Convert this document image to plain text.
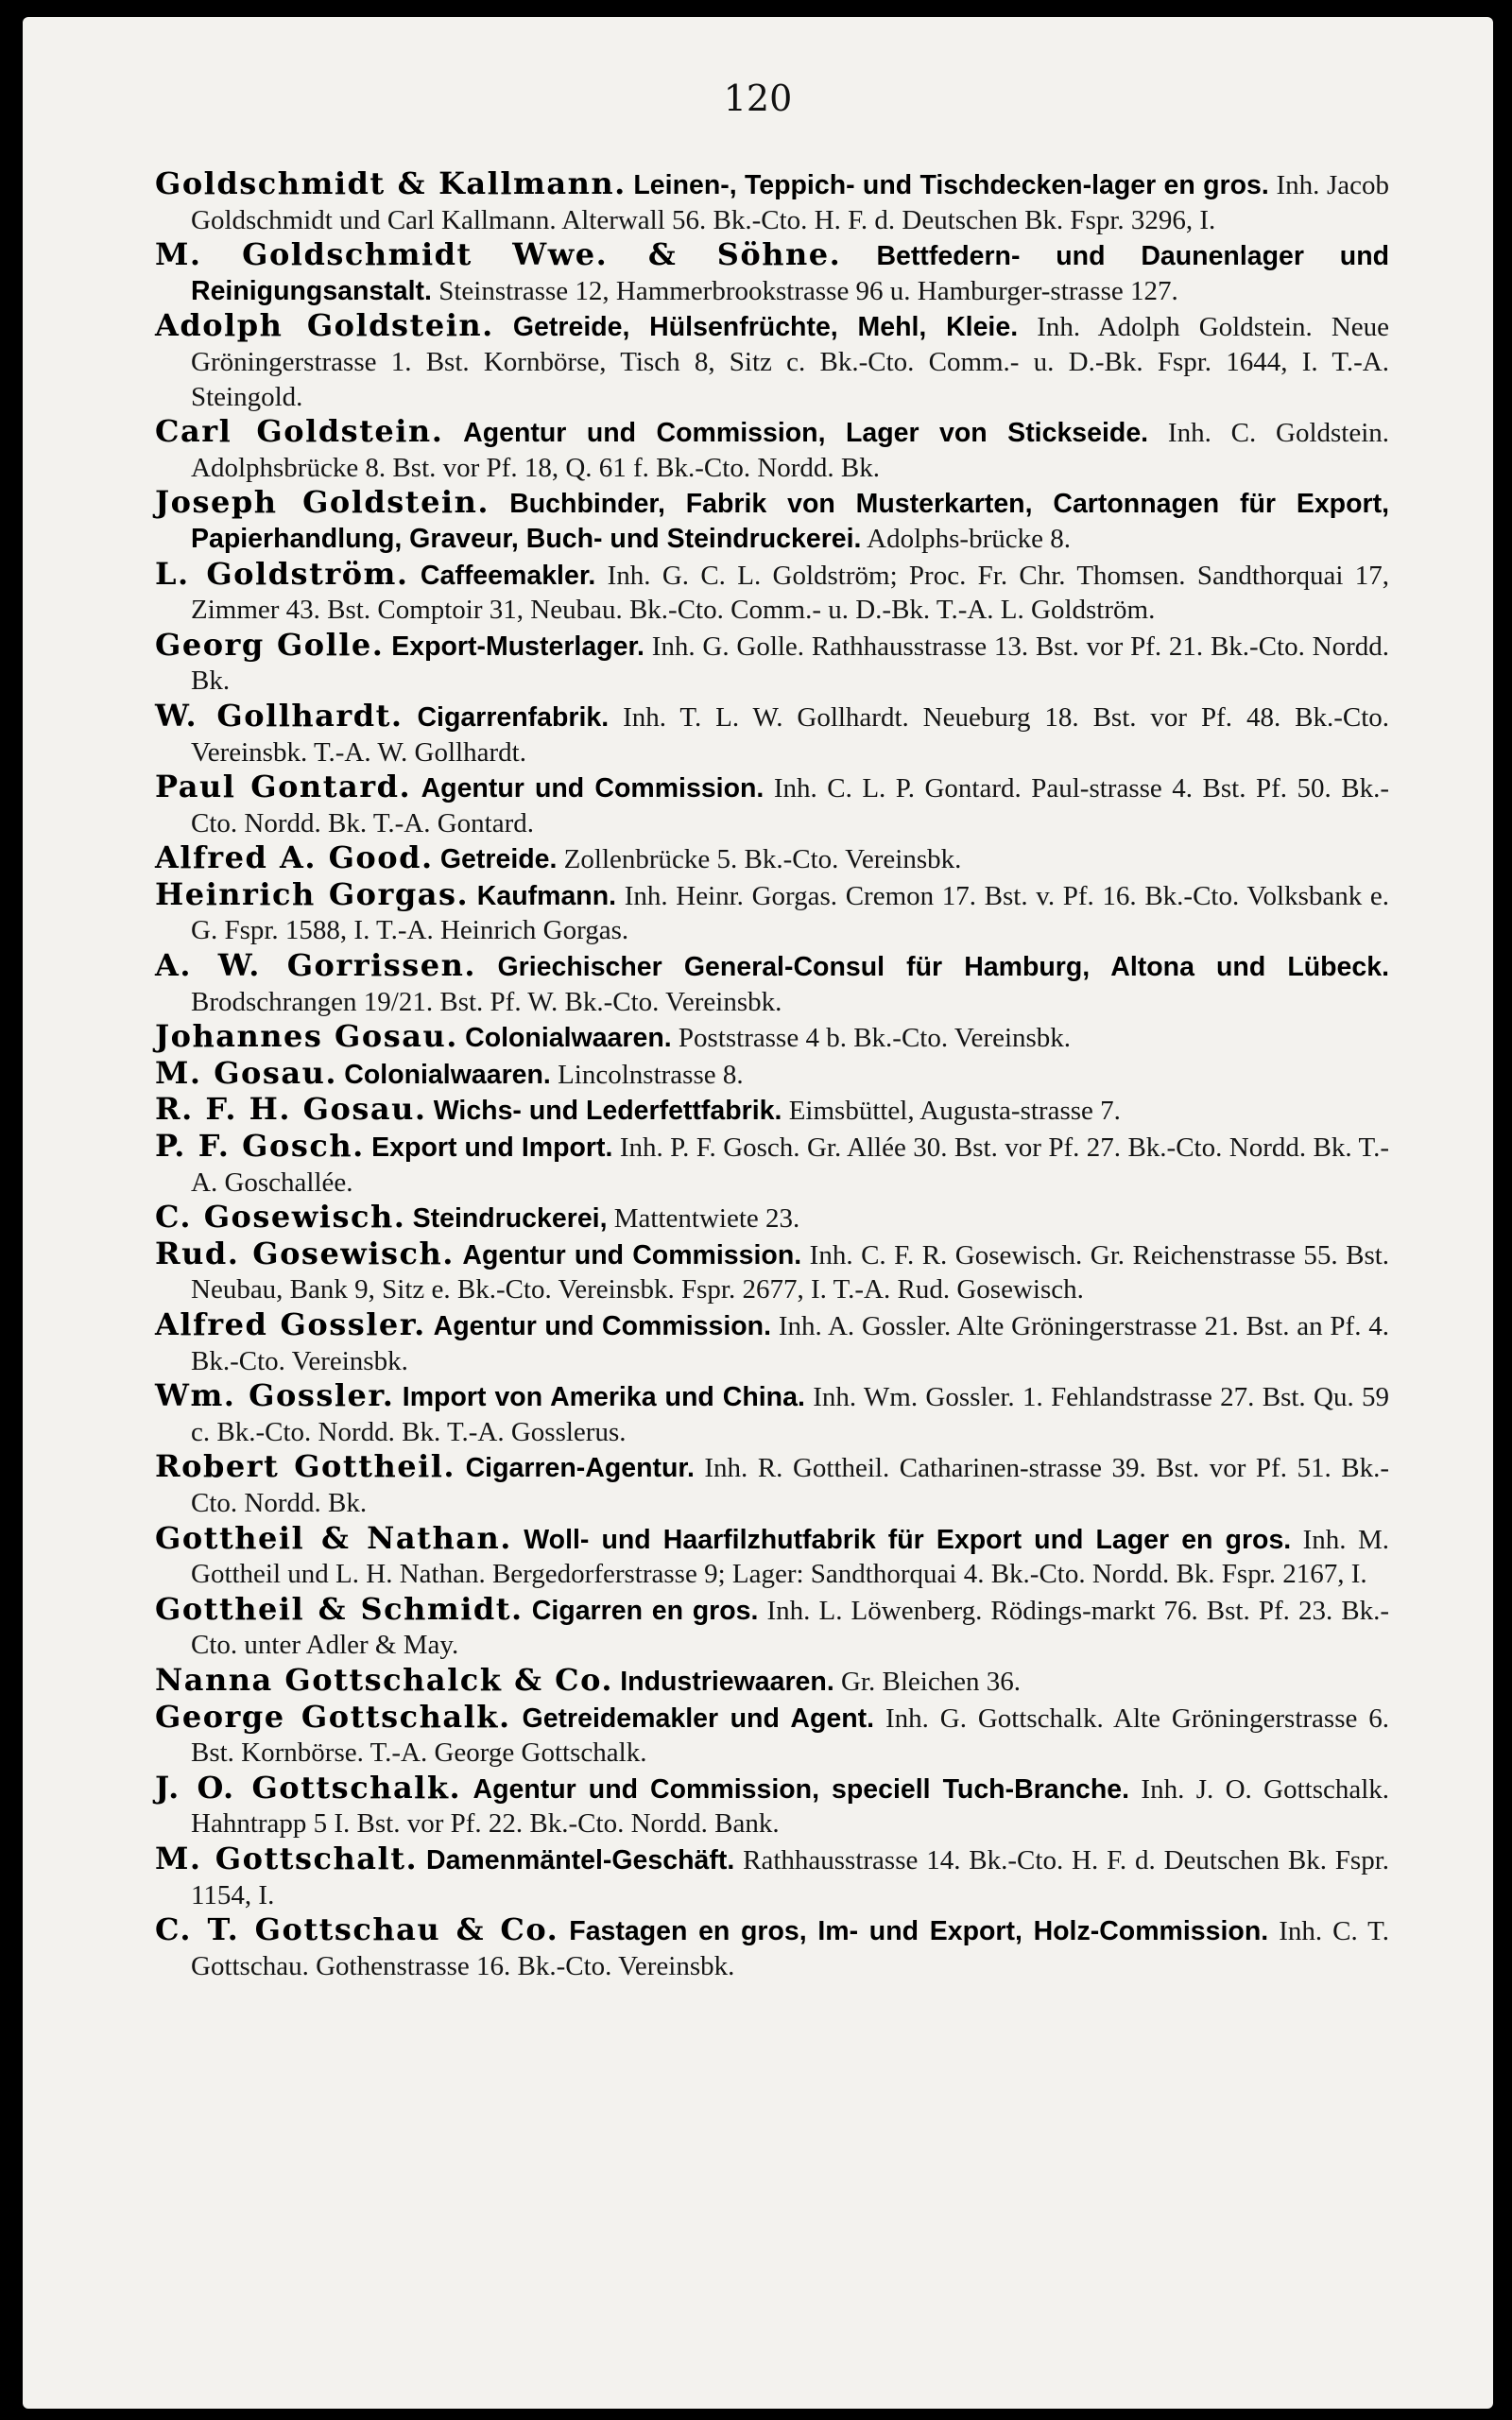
120

Goldschmidt & Kallmann. Leinen-, Teppich- und Tischdecken-lager en gros. Inh. Jacob Goldschmidt und Carl Kallmann. Alterwall 56. Bk.-Cto. H. F. d. Deutschen Bk. Fspr. 3296, I.

M. Goldschmidt Wwe. & Söhne. Bettfedern- und Daunenlager und Reinigungsanstalt. Steinstrasse 12, Hammerbrookstrasse 96 u. Hamburger-strasse 127.

Adolph Goldstein. Getreide, Hülsenfrüchte, Mehl, Kleie. Inh. Adolph Goldstein. Neue Gröningerstrasse 1. Bst. Kornbörse, Tisch 8, Sitz c. Bk.-Cto. Comm.- u. D.-Bk. Fspr. 1644, I. T.-A. Steingold.

Carl Goldstein. Agentur und Commission, Lager von Stickseide. Inh. C. Goldstein. Adolphsbrücke 8. Bst. vor Pf. 18, Q. 61 f. Bk.-Cto. Nordd. Bk.

Joseph Goldstein. Buchbinder, Fabrik von Musterkarten, Cartonnagen für Export, Papierhandlung, Graveur, Buch- und Steindruckerei. Adolphs-brücke 8.

L. Goldström. Caffeemakler. Inh. G. C. L. Goldström; Proc. Fr. Chr. Thomsen. Sandthorquai 17, Zimmer 43. Bst. Comptoir 31, Neubau. Bk.-Cto. Comm.- u. D.-Bk. T.-A. L. Goldström.

Georg Golle. Export-Musterlager. Inh. G. Golle. Rathhausstrasse 13. Bst. vor Pf. 21. Bk.-Cto. Nordd. Bk.

W. Gollhardt. Cigarrenfabrik. Inh. T. L. W. Gollhardt. Neueburg 18. Bst. vor Pf. 48. Bk.-Cto. Vereinsbk. T.-A. W. Gollhardt.

Paul Gontard. Agentur und Commission. Inh. C. L. P. Gontard. Paul-strasse 4. Bst. Pf. 50. Bk.-Cto. Nordd. Bk. T.-A. Gontard.

Alfred A. Good. Getreide. Zollenbrücke 5. Bk.-Cto. Vereinsbk.

Heinrich Gorgas. Kaufmann. Inh. Heinr. Gorgas. Cremon 17. Bst. v. Pf. 16. Bk.-Cto. Volksbank e. G. Fspr. 1588, I. T.-A. Heinrich Gorgas.

A. W. Gorrissen. Griechischer General-Consul für Hamburg, Altona und Lübeck. Brodschrangen 19/21. Bst. Pf. W. Bk.-Cto. Vereinsbk.

Johannes Gosau. Colonialwaaren. Poststrasse 4 b. Bk.-Cto. Vereinsbk.

M. Gosau. Colonialwaaren. Lincolnstrasse 8.

R. F. H. Gosau. Wichs- und Lederfettfabrik. Eimsbüttel, Augusta-strasse 7.

P. F. Gosch. Export und Import. Inh. P. F. Gosch. Gr. Allée 30. Bst. vor Pf. 27. Bk.-Cto. Nordd. Bk. T.-A. Goschallée.

C. Gosewisch. Steindruckerei, Mattentwiete 23.

Rud. Gosewisch. Agentur und Commission. Inh. C. F. R. Gosewisch. Gr. Reichenstrasse 55. Bst. Neubau, Bank 9, Sitz e. Bk.-Cto. Vereinsbk. Fspr. 2677, I. T.-A. Rud. Gosewisch.

Alfred Gossler. Agentur und Commission. Inh. A. Gossler. Alte Gröningerstrasse 21. Bst. an Pf. 4. Bk.-Cto. Vereinsbk.

Wm. Gossler. Import von Amerika und China. Inh. Wm. Gossler. 1. Fehlandstrasse 27. Bst. Qu. 59 c. Bk.-Cto. Nordd. Bk. T.-A. Gosslerus.

Robert Gottheil. Cigarren-Agentur. Inh. R. Gottheil. Catharinen-strasse 39. Bst. vor Pf. 51. Bk.-Cto. Nordd. Bk.

Gottheil & Nathan. Woll- und Haarfilzhutfabrik für Export und Lager en gros. Inh. M. Gottheil und L. H. Nathan. Bergedorferstrasse 9; Lager: Sandthorquai 4. Bk.-Cto. Nordd. Bk. Fspr. 2167, I.

Gottheil & Schmidt. Cigarren en gros. Inh. L. Löwenberg. Rödings-markt 76. Bst. Pf. 23. Bk.-Cto. unter Adler & May.

Nanna Gottschalck & Co. Industriewaaren. Gr. Bleichen 36.

George Gottschalk. Getreidemakler und Agent. Inh. G. Gottschalk. Alte Gröningerstrasse 6. Bst. Kornbörse. T.-A. George Gottschalk.

J. O. Gottschalk. Agentur und Commission, speciell Tuch-Branche. Inh. J. O. Gottschalk. Hahntrapp 5 I. Bst. vor Pf. 22. Bk.-Cto. Nordd. Bank.

M. Gottschalt. Damenmäntel-Geschäft. Rathhausstrasse 14. Bk.-Cto. H. F. d. Deutschen Bk. Fspr. 1154, I.

C. T. Gottschau & Co. Fastagen en gros, Im- und Export, Holz-Commission. Inh. C. T. Gottschau. Gothenstrasse 16. Bk.-Cto. Vereinsbk.
